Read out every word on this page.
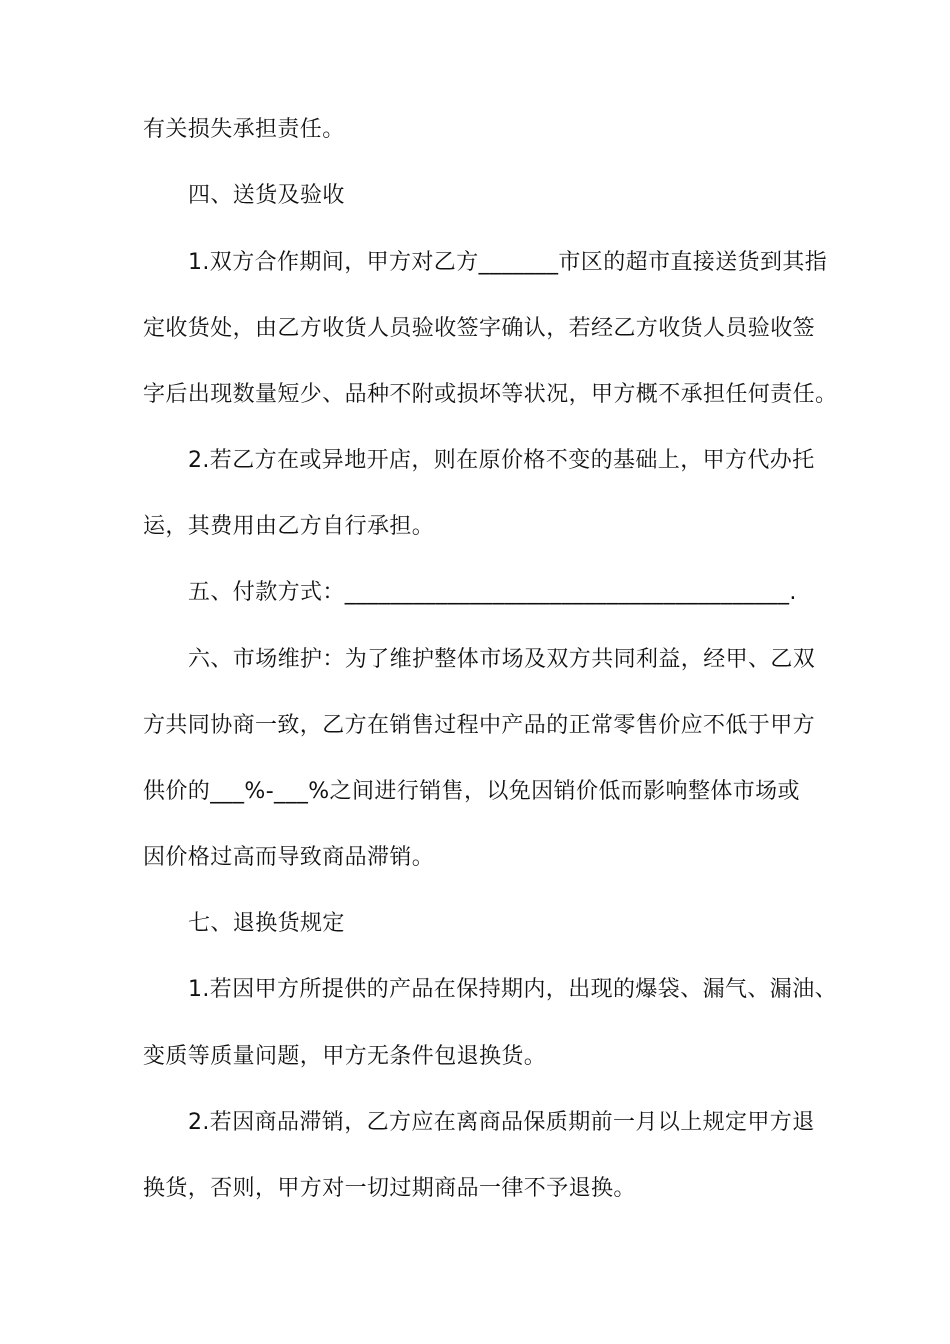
有关损失承担责任。
四、送货及验收
1.双方合作期间，甲方对乙方_______市区的超市直接送货到其指
定收货处，由乙方收货人员验收签字确认，若经乙方收货人员验收签
字后出现数量短少、品种不附或损坏等状况，甲方概不承担任何责任。
2.若乙方在或异地开店，则在原价格不变的基础上，甲方代办托
运，其费用由乙方自行承担。
五、付款方式：_______________________________________.
六、市场维护：为了维护整体市场及双方共同利益，经甲、乙双
方共同协商一致，乙方在销售过程中产品的正常零售价应不低于甲方
供价的___%-___%之间进行销售，以免因销价低而影响整体市场或
因价格过高而导致商品滞销。
七、退换货规定
1.若因甲方所提供的产品在保持期内，出现的爆袋、漏气、漏油、
变质等质量问题，甲方无条件包退换货。
2.若因商品滞销，乙方应在离商品保质期前一月以上规定甲方退
换货，否则，甲方对一切过期商品一律不予退换。
